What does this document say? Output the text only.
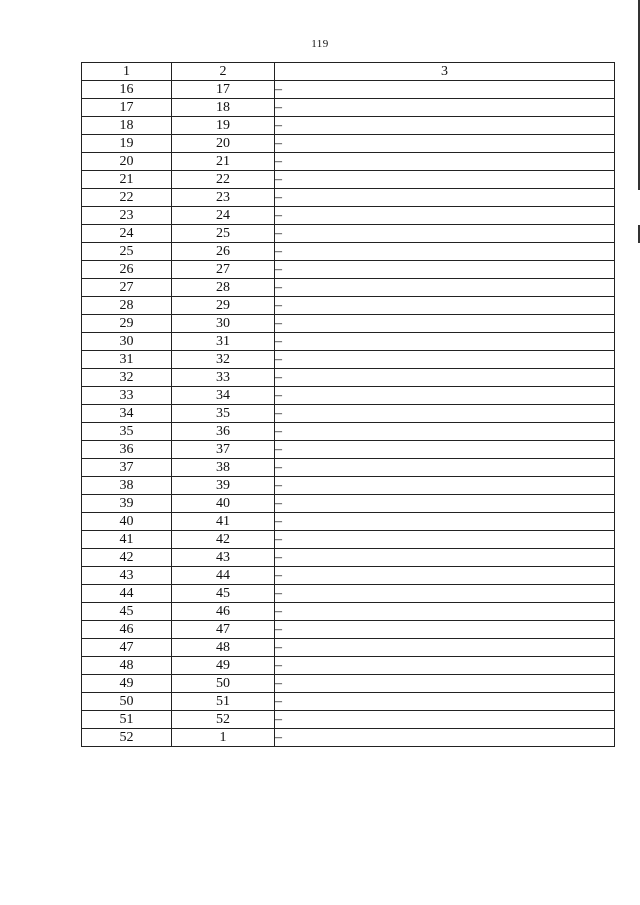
119
1	2	3
16	17	–
17	18	–
18	19	–
19	20	–
20	21	–
21	22	–
22	23	–
23	24	–
24	25	–
25	26	–
26	27	–
27	28	–
28	29	–
29	30	–
30	31	–
31	32	–
32	33	–
33	34	–
34	35	–
35	36	–
36	37	–
37	38	–
38	39	–
39	40	–
40	41	–
41	42	–
42	43	–
43	44	–
44	45	–
45	46	–
46	47	–
47	48	–
48	49	–
49	50	–
50	51	–
51	52	–
52	1	–
